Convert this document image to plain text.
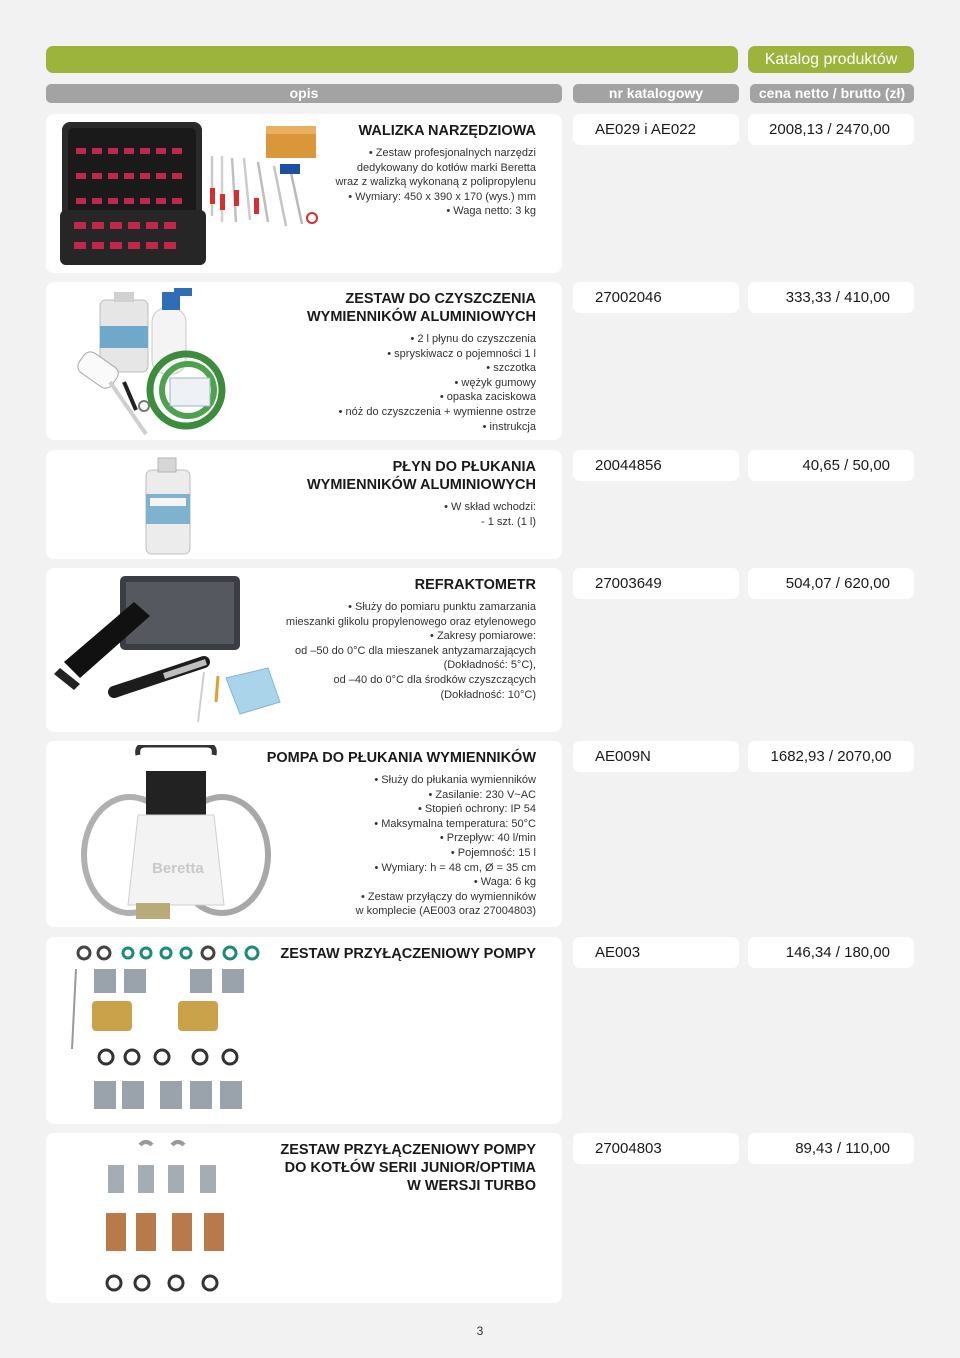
Katalog produktów
opis	nr katalogowy	cena netto / brutto (zł)
WALIZKA NARZĘDZIOWA
• Zestaw profesjonalnych narzędzi
dedykowany do kotłów marki Beretta
wraz z walizką wykonaną z polipropylenu
• Wymiary: 450 x 390 x 170 (wys.) mm
• Waga netto: 3 kg
AE029 i AE022	2008,13 / 2470,00
ZESTAW DO CZYSZCZENIA
WYMIENNIKÓW ALUMINIOWYCH
• 2 l płynu do czyszczenia
• spryskiwacz o pojemności 1 l
• szczotka
• wężyk gumowy
• opaska zaciskowa
• nóż do czyszczenia + wymienne ostrze
• instrukcja
27002046	333,33 / 410,00
PŁYN DO PŁUKANIA
WYMIENNIKÓW ALUMINIOWYCH
• W skład wchodzi:
- 1 szt. (1 l)
20044856	40,65 / 50,00
REFRAKTOMETR
• Służy do pomiaru punktu zamarzania
mieszanki glikolu propylenowego oraz etylenowego
• Zakresy pomiarowe:
od –50 do 0°C dla mieszanek antyzamarzających
(Dokładność: 5°C),
od –40 do 0°C dla środków czyszczących
(Dokładność: 10°C)
27003649	504,07 / 620,00
Beretta
POMPA DO PŁUKANIA WYMIENNIKÓW
• Służy do płukania wymienników
• Zasilanie: 230 V~AC
• Stopień ochrony: IP 54
• Maksymalna temperatura: 50°C
• Przepływ: 40 l/min
• Pojemność: 15 l
• Wymiary: h = 48 cm, Ø = 35 cm
• Waga: 6 kg
• Zestaw przyłączy do wymienników
w komplecie (AE003 oraz 27004803)
AE009N	1682,93 / 2070,00
ZESTAW PRZYŁĄCZENIOWY POMPY	AE003	146,34 / 180,00
ZESTAW PRZYŁĄCZENIOWY POMPY
DO KOTŁÓW SERII JUNIOR/OPTIMA
W WERSJI TURBO
27004803	89,43 / 110,00
3
